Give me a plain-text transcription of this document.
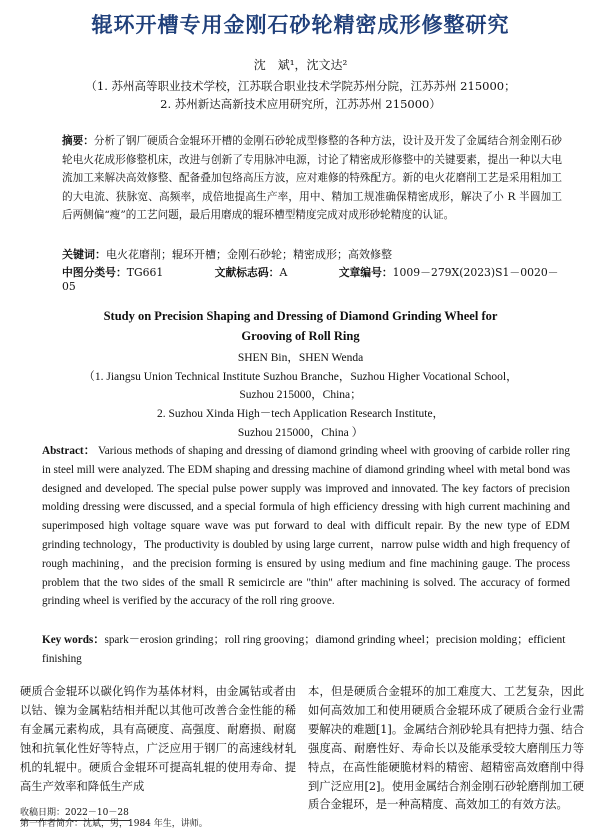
辊环开槽专用金刚石砂轮精密成形修整研究
沈　斌¹，沈文达²
（1. 苏州高等职业技术学校，江苏联合职业技术学院苏州分院，江苏苏州 215000；
2. 苏州新达高新技术应用研究所，江苏苏州 215000）
摘要：分析了钢厂硬质合金辊环开槽的金刚石砂轮成型修整的各种方法，设计及开发了金属结合剂金刚石砂轮电火花成形修整机床，改进与创新了专用脉冲电源，讨论了精密成形修整中的关键要素，提出一种以大电流加工来解决高效修整、配备叠加包络高压方波，应对难修的特殊配方。新的电火花磨削工艺是采用粗加工的大电流、狭脉宽、高频率，成倍地提高生产率，用中、精加工规准确保精密成形，解决了小 R 半圆加工后两侧偏“瘦”的工艺问题，最后用磨成的辊环槽型精度完成对成形砂轮精度的认证。
关键词：电火花磨削；辊环开槽；金刚石砂轮；精密成形；高效修整
中图分类号：TG661	文献标志码：A	文章编号：1009－279X(2023)S1－0020－05
Study on Precision Shaping and Dressing of Diamond Grinding Wheel for
Grooving of Roll Ring
SHEN Bin，SHEN Wenda
（1. Jiangsu Union Technical Institute Suzhou Branche，Suzhou Higher Vocational School，
Suzhou 215000，China；
2. Suzhou Xinda High－tech Application Research Institute，
Suzhou 215000，China ）
Abstract： Various methods of shaping and dressing of diamond grinding wheel with grooving of carbide roller ring in steel mill were analyzed. The EDM shaping and dressing machine of diamond grinding wheel with metal bond was designed and developed. The special pulse power supply was improved and innovated. The key factors of precision molding dressing were discussed, and a special formula of high efficiency dressing with high current machining and superimposed high voltage square wave was put forward to deal with difficult repair. By the new type of EDM grinding technology，The productivity is doubled by using large current，narrow pulse width and high frequency of rough machining，and the precision forming is ensured by using medium and fine machining gauge. The process problem that the two sides of the small R semicircle are "thin" after machining is solved. The accuracy of formed grinding wheel is verified by the accuracy of the roll ring groove.
Key words：spark－erosion grinding；roll ring grooving；diamond grinding wheel；precision molding；efficient finishing
硬质合金辊环以碳化钨作为基体材料，由金属钴或者由以钴、镍为金属粘结相并配以其他可改善合金性能的稀有金属元素构成，具有高硬度、高强度、耐磨损、耐腐蚀和抗氧化性好等特点，广泛应用于钢厂的高速线材轧机的轧辊中。硬质合金辊环可提高轧辊的使用寿命、提高生产效率和降低生产成
本，但是硬质合金辊环的加工难度大、工艺复杂，因此如何高效加工和使用硬质合金辊环成了硬质合金行业需要解决的难题[1]。金属结合剂砂轮具有把持力强、结合强度高、耐磨性好、寿命长以及能承受较大磨削压力等特点，在高性能硬脆材料的精密、超精密高效磨削中得到广泛应用[2]。使用金属结合剂金刚石砂轮磨削加工硬质合金辊环，是一种高精度、高效加工的有效方法。
收稿日期：2022－10－28
第一作者简介：沈斌，男，1984 年生，讲师。
